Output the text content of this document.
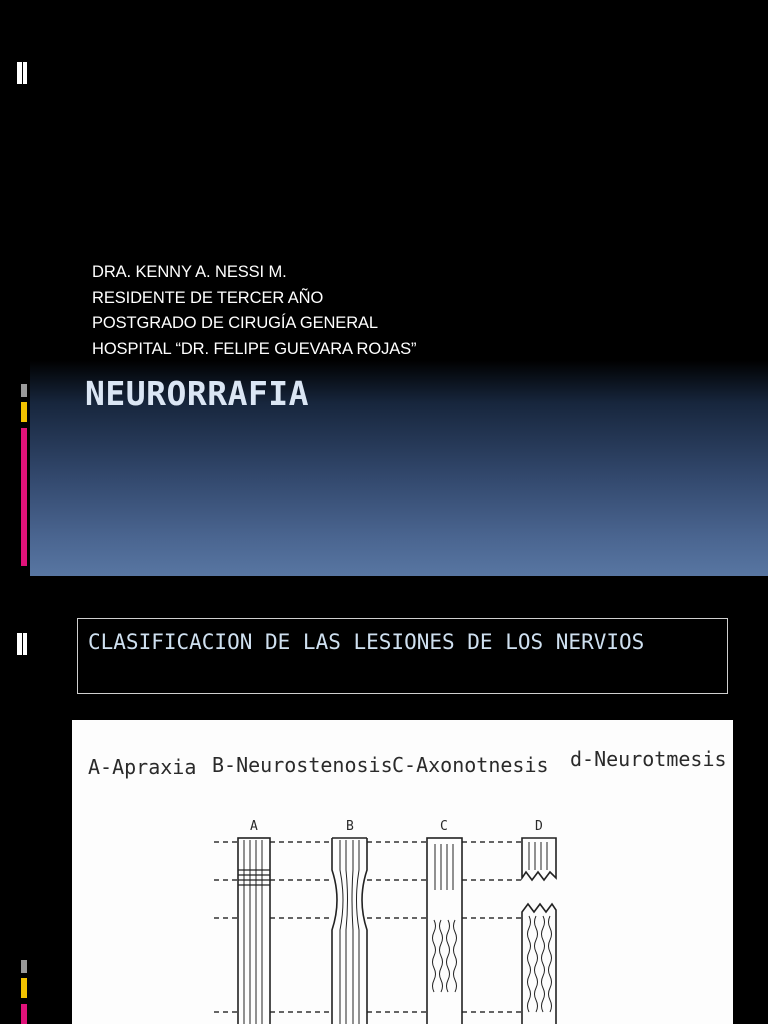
DRA. KENNY A. NESSI M.
RESIDENTE DE TERCER AÑO
POSTGRADO DE CIRUGÍA GENERAL
HOSPITAL “DR. FELIPE GUEVARA ROJAS”
NEURORRAFIA
CLASIFICACION DE LAS LESIONES DE LOS NERVIOS
A-Apraxia B-Neurostenosis C-Axonotnesis d-Neurotmesis
A	B	C	D
